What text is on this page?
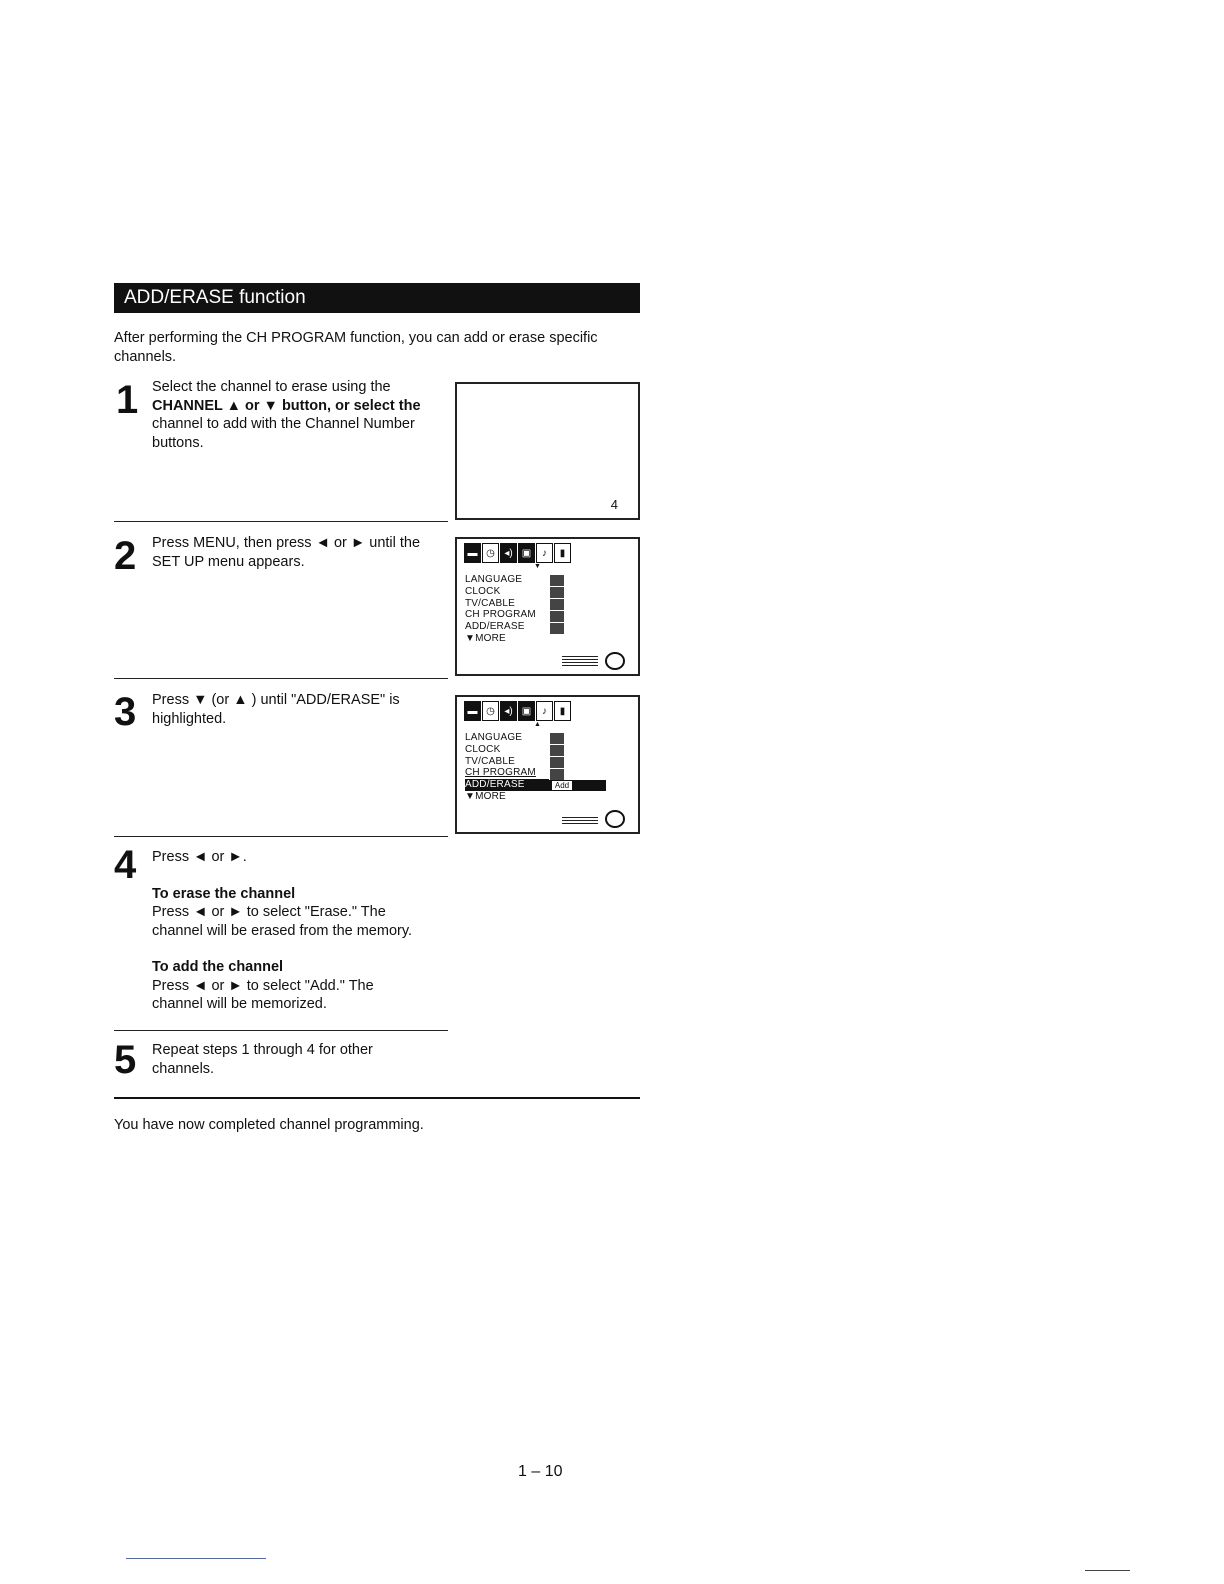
ADD/ERASE function
After performing the CH PROGRAM function, you can add or erase specific channels.
1 Select the channel to erase using the
CHANNEL ▲ or ▼ button, or select the
channel to add with the Channel Number
buttons.
4
2 Press MENU, then press ◄ or ► until the
SET UP menu appears.
▬ ◷ ◂) ▣	♪	▮
▼
LANGUAGE
CLOCK
TV/CABLE
CH PROGRAM
ADD/ERASE
▼MORE
3 Press ▼ (or ▲ ) until "ADD/ERASE" is
highlighted.	▬ ◷ ◂) ▣	♪	▮
▲
LANGUAGE
CLOCK
TV/CABLE
CH PROGRAM
ADD/ERASE
▼MORE
Add
4 Press ◄ or ►.
To erase the channel
Press ◄ or ► to select "Erase." The
channel will be erased from the memory.
To add the channel
Press ◄ or ► to select "Add." The
channel will be memorized.
5 Repeat steps 1 through 4 for other
channels.
You have now completed channel programming.
1 – 10
